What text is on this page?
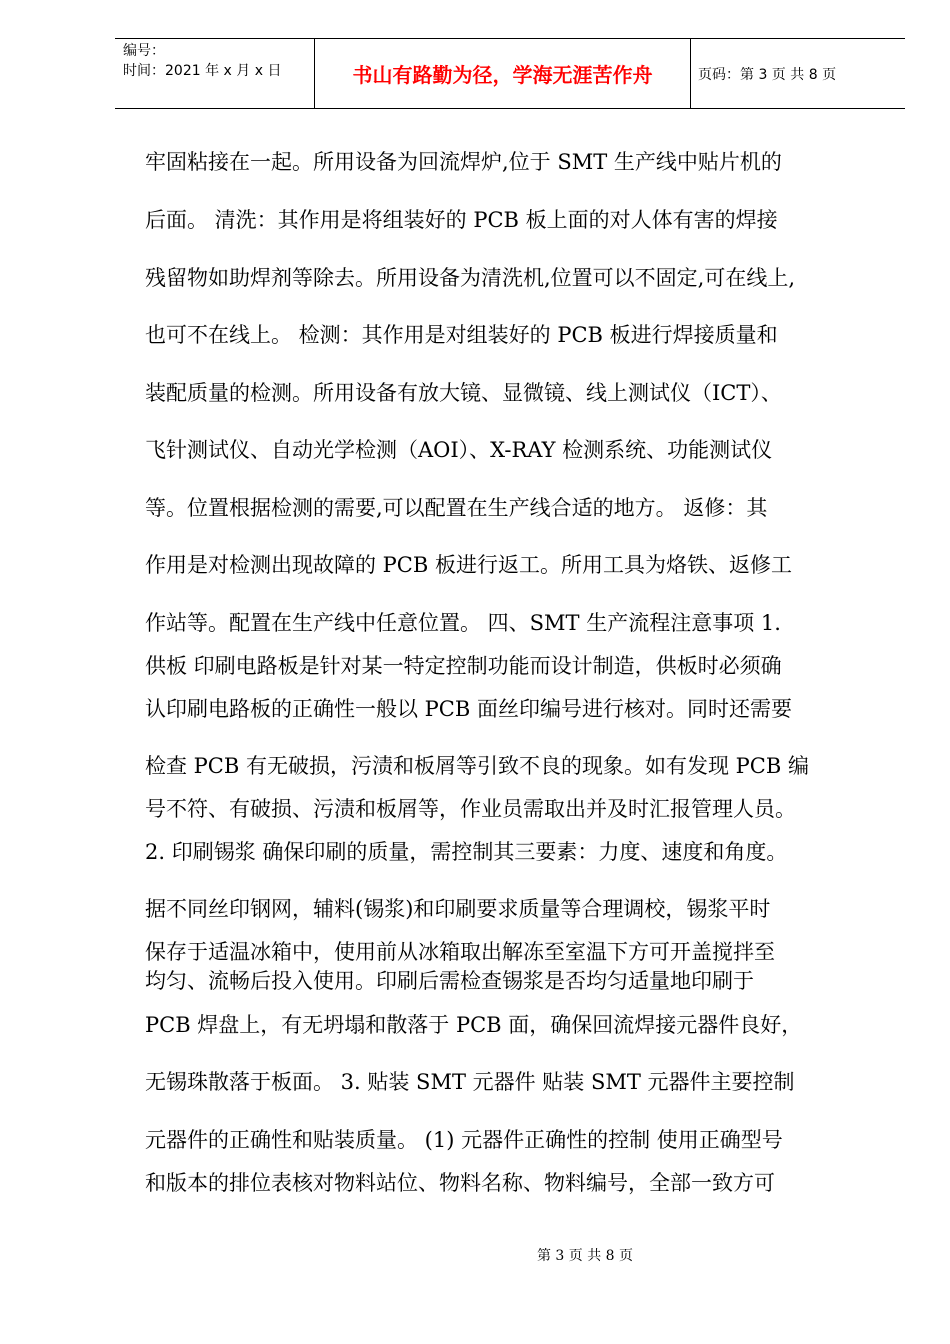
编号：
时间：2021 年 x 月 x 日	书山有路勤为径，学海无涯苦作舟	页码：第 3 页 共 8 页
牢固粘接在一起。所用设备为回流焊炉,位于 SMT 生产线中贴片机的
后面。 清洗：其作用是将组装好的 PCB 板上面的对人体有害的焊接
残留物如助焊剂等除去。所用设备为清洗机,位置可以不固定,可在线上,
也可不在线上。 检测：其作用是对组装好的 PCB 板进行焊接质量和
装配质量的检测。所用设备有放大镜、显微镜、线上测试仪（ICT）、
飞针测试仪、自动光学检测（AOI）、X-RAY 检测系统、功能测试仪
等。位置根据检测的需要,可以配置在生产线合适的地方。 返修：其
作用是对检测出现故障的 PCB 板进行返工。所用工具为烙铁、返修工
作站等。配置在生产线中任意位置。 四、SMT 生产流程注意事项 1.
供板 印刷电路板是针对某一特定控制功能而设计制造，供板时必须确
认印刷电路板的正确性一般以 PCB 面丝印编号进行核对。同时还需要
检查 PCB 有无破损，污渍和板屑等引致不良的现象。如有发现 PCB 编
号不符、有破损、污渍和板屑等，作业员需取出并及时汇报管理人员。
2. 印刷锡浆 确保印刷的质量，需控制其三要素：力度、速度和角度。
据不同丝印钢网，辅料(锡浆)和印刷要求质量等合理调校，锡浆平时
保存于适温冰箱中，使用前从冰箱取出解冻至室温下方可开盖搅拌至
均匀、流畅后投入使用。印刷后需检查锡浆是否均匀适量地印刷于
PCB 焊盘上，有无坍塌和散落于 PCB 面，确保回流焊接元器件良好，
无锡珠散落于板面。 3. 贴装 SMT 元器件 贴装 SMT 元器件主要控制
元器件的正确性和贴装质量。 (1) 元器件正确性的控制 使用正确型号
和版本的排位表核对物料站位、物料名称、物料编号，全部一致方可
第 3 页 共 8 页
